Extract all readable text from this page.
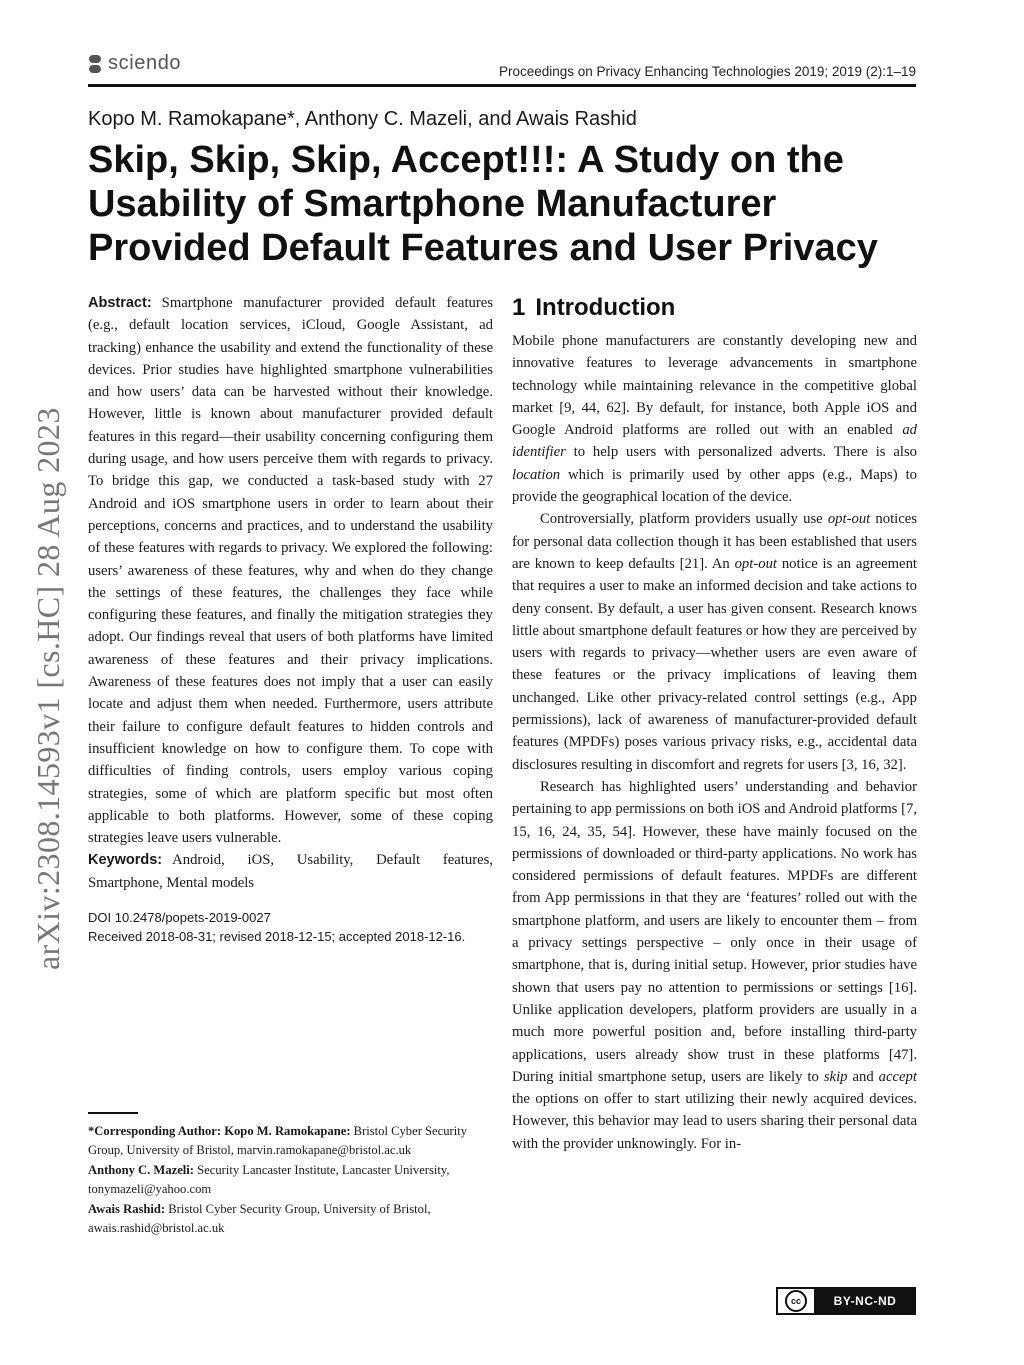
sciendo	Proceedings on Privacy Enhancing Technologies 2019; 2019 (2):1–19
Kopo M. Ramokapane*, Anthony C. Mazeli, and Awais Rashid
Skip, Skip, Skip, Accept!!!: A Study on the
Usability of Smartphone Manufacturer
Provided Default Features and User Privacy
arXiv:2308.14593v1 [cs.HC] 28 Aug 2023

Abstract: Smartphone manufacturer provided default features (e.g., default location services, iCloud, Google Assistant, ad tracking) enhance the usability and extend the functionality of these devices. Prior studies have highlighted smartphone vulnerabilities and how users’ data can be harvested without their knowledge. However, little is known about manufacturer provided default features in this regard—their usability concerning configuring them during usage, and how users perceive them with regards to privacy. To bridge this gap, we conducted a task-based study with 27 Android and iOS smartphone users in order to learn about their perceptions, concerns and practices, and to understand the usability of these features with regards to privacy. We explored the following: users’ awareness of these features, why and when do they change the settings of these features, the challenges they face while configuring these features, and finally the mitigation strategies they adopt. Our findings reveal that users of both platforms have limited awareness of these features and their privacy implications. Awareness of these features does not imply that a user can easily locate and adjust them when needed. Furthermore, users attribute their failure to configure default features to hidden controls and insufficient knowledge on how to configure them. To cope with difficulties of finding controls, users employ various coping strategies, some of which are platform specific but most often applicable to both platforms. However, some of these coping strategies leave users vulnerable.

Keywords: Android, iOS, Usability, Default features, Smartphone, Mental models

DOI 10.2478/popets-2019-0027
Received 2018-08-31; revised 2018-12-15; accepted 2018-12-16.

*Corresponding Author: Kopo M. Ramokapane: Bristol Cyber Security Group, University of Bristol, marvin.ramokapane@bristol.ac.uk

Anthony C. Mazeli: Security Lancaster Institute, Lancaster University, tonymazeli@yahoo.com

Awais Rashid: Bristol Cyber Security Group, University of Bristol, awais.rashid@bristol.ac.uk

1 Introduction

Mobile phone manufacturers are constantly developing new and innovative features to leverage advancements in smartphone technology while maintaining relevance in the competitive global market [9, 44, 62]. By default, for instance, both Apple iOS and Google Android platforms are rolled out with an enabled ad identifier to help users with personalized adverts. There is also location which is primarily used by other apps (e.g., Maps) to provide the geographical location of the device.

Controversially, platform providers usually use opt-out notices for personal data collection though it has been established that users are known to keep defaults [21]. An opt-out notice is an agreement that requires a user to make an informed decision and take actions to deny consent. By default, a user has given consent. Research knows little about smartphone default features or how they are perceived by users with regards to privacy—whether users are even aware of these features or the privacy implications of leaving them unchanged. Like other privacy-related control settings (e.g., App permissions), lack of awareness of manufacturer-provided default features (MPDFs) poses various privacy risks, e.g., accidental data disclosures resulting in discomfort and regrets for users [3, 16, 32].

Research has highlighted users’ understanding and behavior pertaining to app permissions on both iOS and Android platforms [7, 15, 16, 24, 35, 54]. However, these have mainly focused on the permissions of downloaded or third-party applications. No work has considered permissions of default features. MPDFs are different from App permissions in that they are ‘features’ rolled out with the smartphone platform, and users are likely to encounter them – from a privacy settings perspective – only once in their usage of smartphone, that is, during initial setup. However, prior studies have shown that users pay no attention to permissions or settings [16]. Unlike application developers, platform providers are usually in a much more powerful position and, before installing third-party applications, users already show trust in these platforms [47]. During initial smartphone setup, users are likely to skip and accept the options on offer to start utilizing their newly acquired devices. However, this behavior may lead to users sharing their personal data with the provider unknowingly. For in-

cc	BY-NC-ND
